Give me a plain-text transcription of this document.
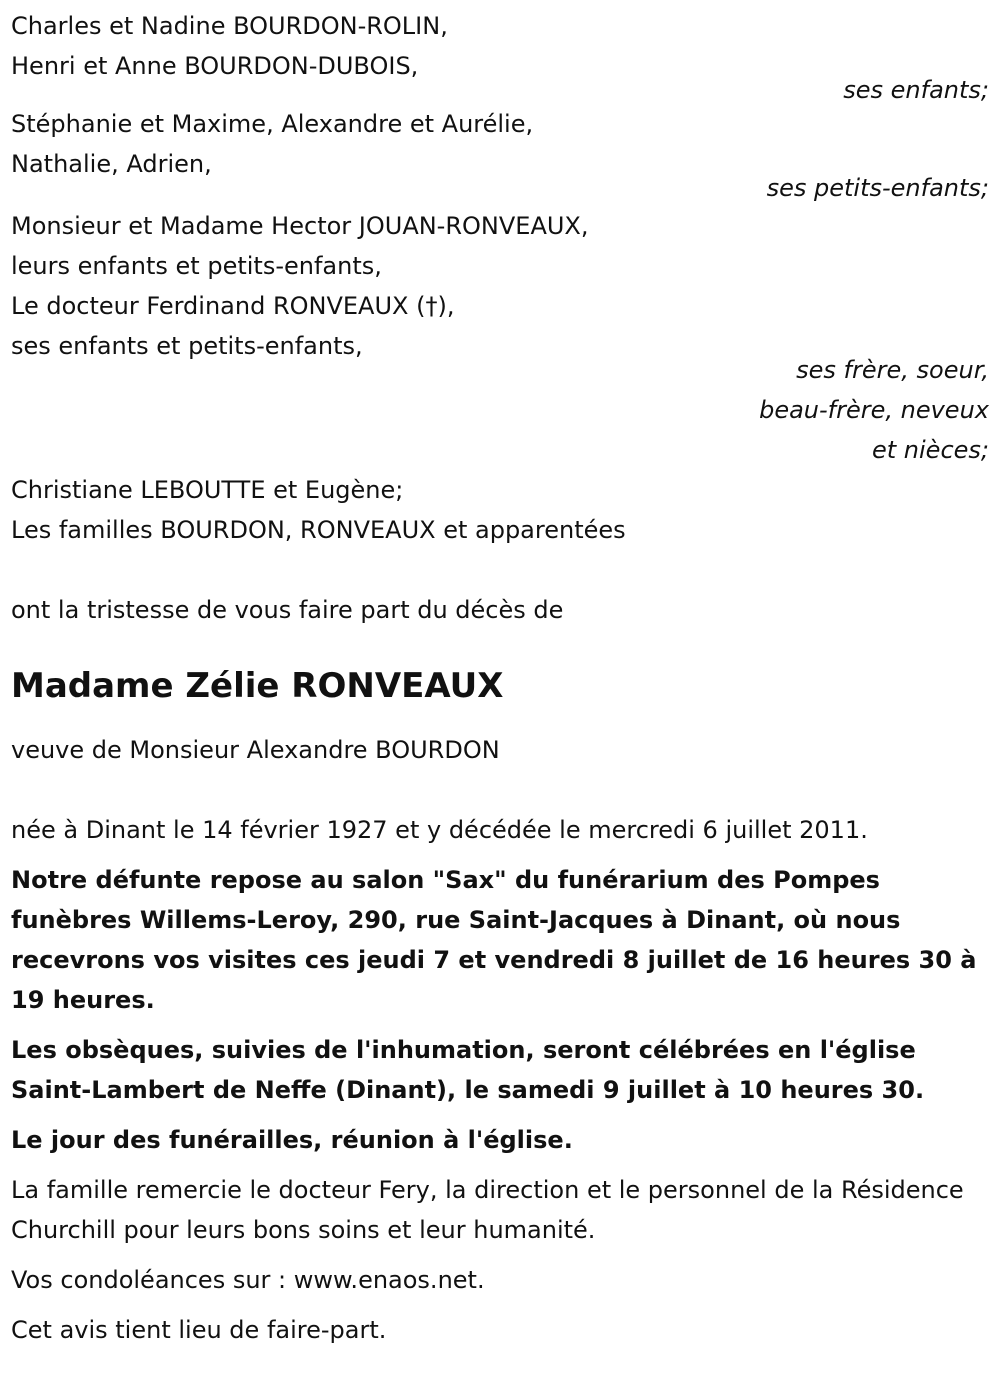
Charles et Nadine BOURDON-ROLIN,
Henri et Anne BOURDON-DUBOIS,
ses enfants;
Stéphanie et Maxime, Alexandre et Aurélie,
Nathalie, Adrien,
ses petits-enfants;
Monsieur et Madame Hector JOUAN-RONVEAUX,
leurs enfants et petits-enfants,
Le docteur Ferdinand RONVEAUX (†),
ses enfants et petits-enfants,
ses frère, soeur,
beau-frère, neveux
et nièces;
Christiane LEBOUTTE et Eugène;
Les familles BOURDON, RONVEAUX et apparentées
ont la tristesse de vous faire part du décès de
Madame Zélie RONVEAUX
veuve de Monsieur Alexandre BOURDON
née à Dinant le 14 février 1927 et y décédée le mercredi 6 juillet 2011.
Notre défunte repose au salon "Sax" du funérarium des Pompes funèbres Willems-Leroy, 290, rue Saint-Jacques à Dinant, où nous recevrons vos visites ces jeudi 7 et vendredi 8 juillet de 16 heures 30 à 19 heures.
Les obsèques, suivies de l'inhumation, seront célébrées en l'église Saint-Lambert de Neffe (Dinant), le samedi 9 juillet à 10 heures 30.
Le jour des funérailles, réunion à l'église.
La famille remercie le docteur Fery, la direction et le personnel de la Résidence Churchill pour leurs bons soins et leur humanité.
Vos condoléances sur : www.enaos.net.
Cet avis tient lieu de faire-part.
